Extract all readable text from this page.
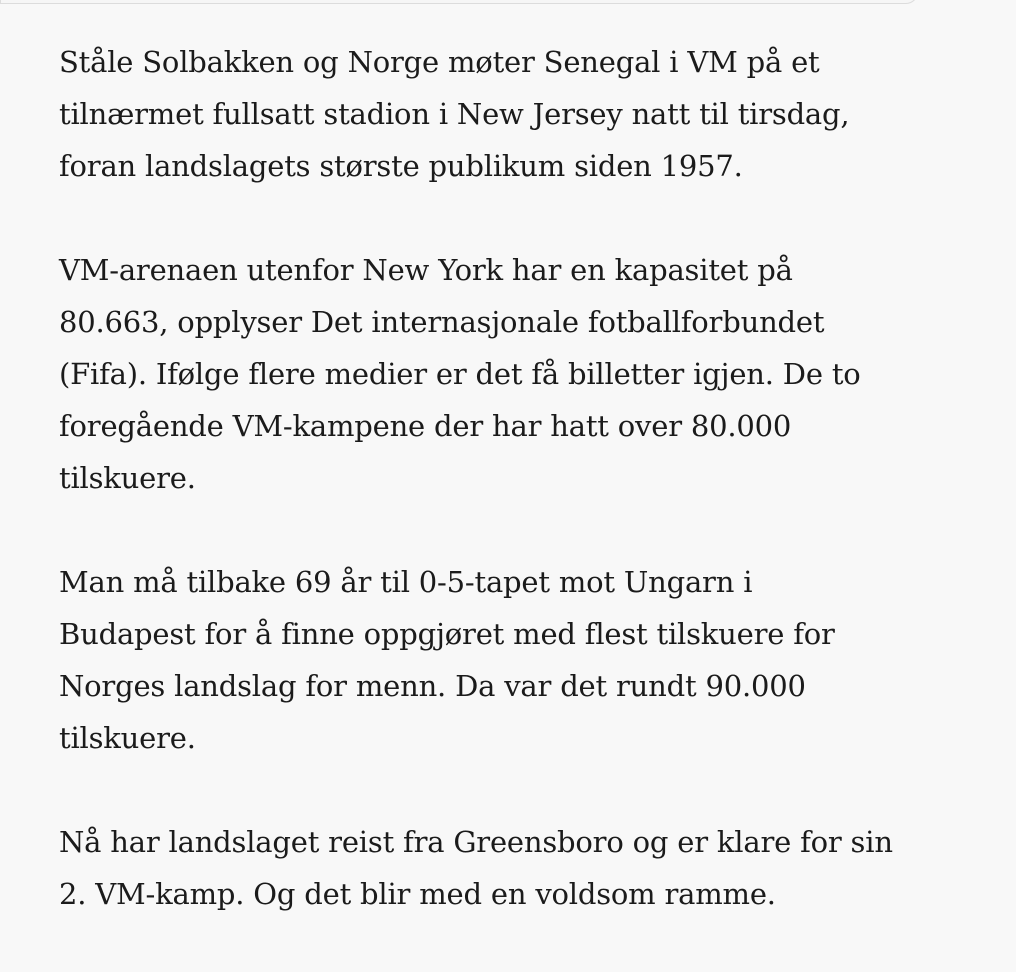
Ståle Solbakken og Norge møter Senegal i VM på et
tilnærmet fullsatt stadion i New Jersey natt til tirsdag,
foran landslagets største publikum siden 1957.

VM-arenaen utenfor New York har en kapasitet på
80.663, opplyser Det internasjonale fotballforbundet
(Fifa). Ifølge flere medier er det få billetter igjen. De to
foregående VM-kampene der har hatt over 80.000
tilskuere.

Man må tilbake 69 år til 0-5-tapet mot Ungarn i
Budapest for å finne oppgjøret med flest tilskuere for
Norges landslag for menn. Da var det rundt 90.000
tilskuere.

Nå har landslaget reist fra Greensboro og er klare for sin
2. VM-kamp. Og det blir med en voldsom ramme.
